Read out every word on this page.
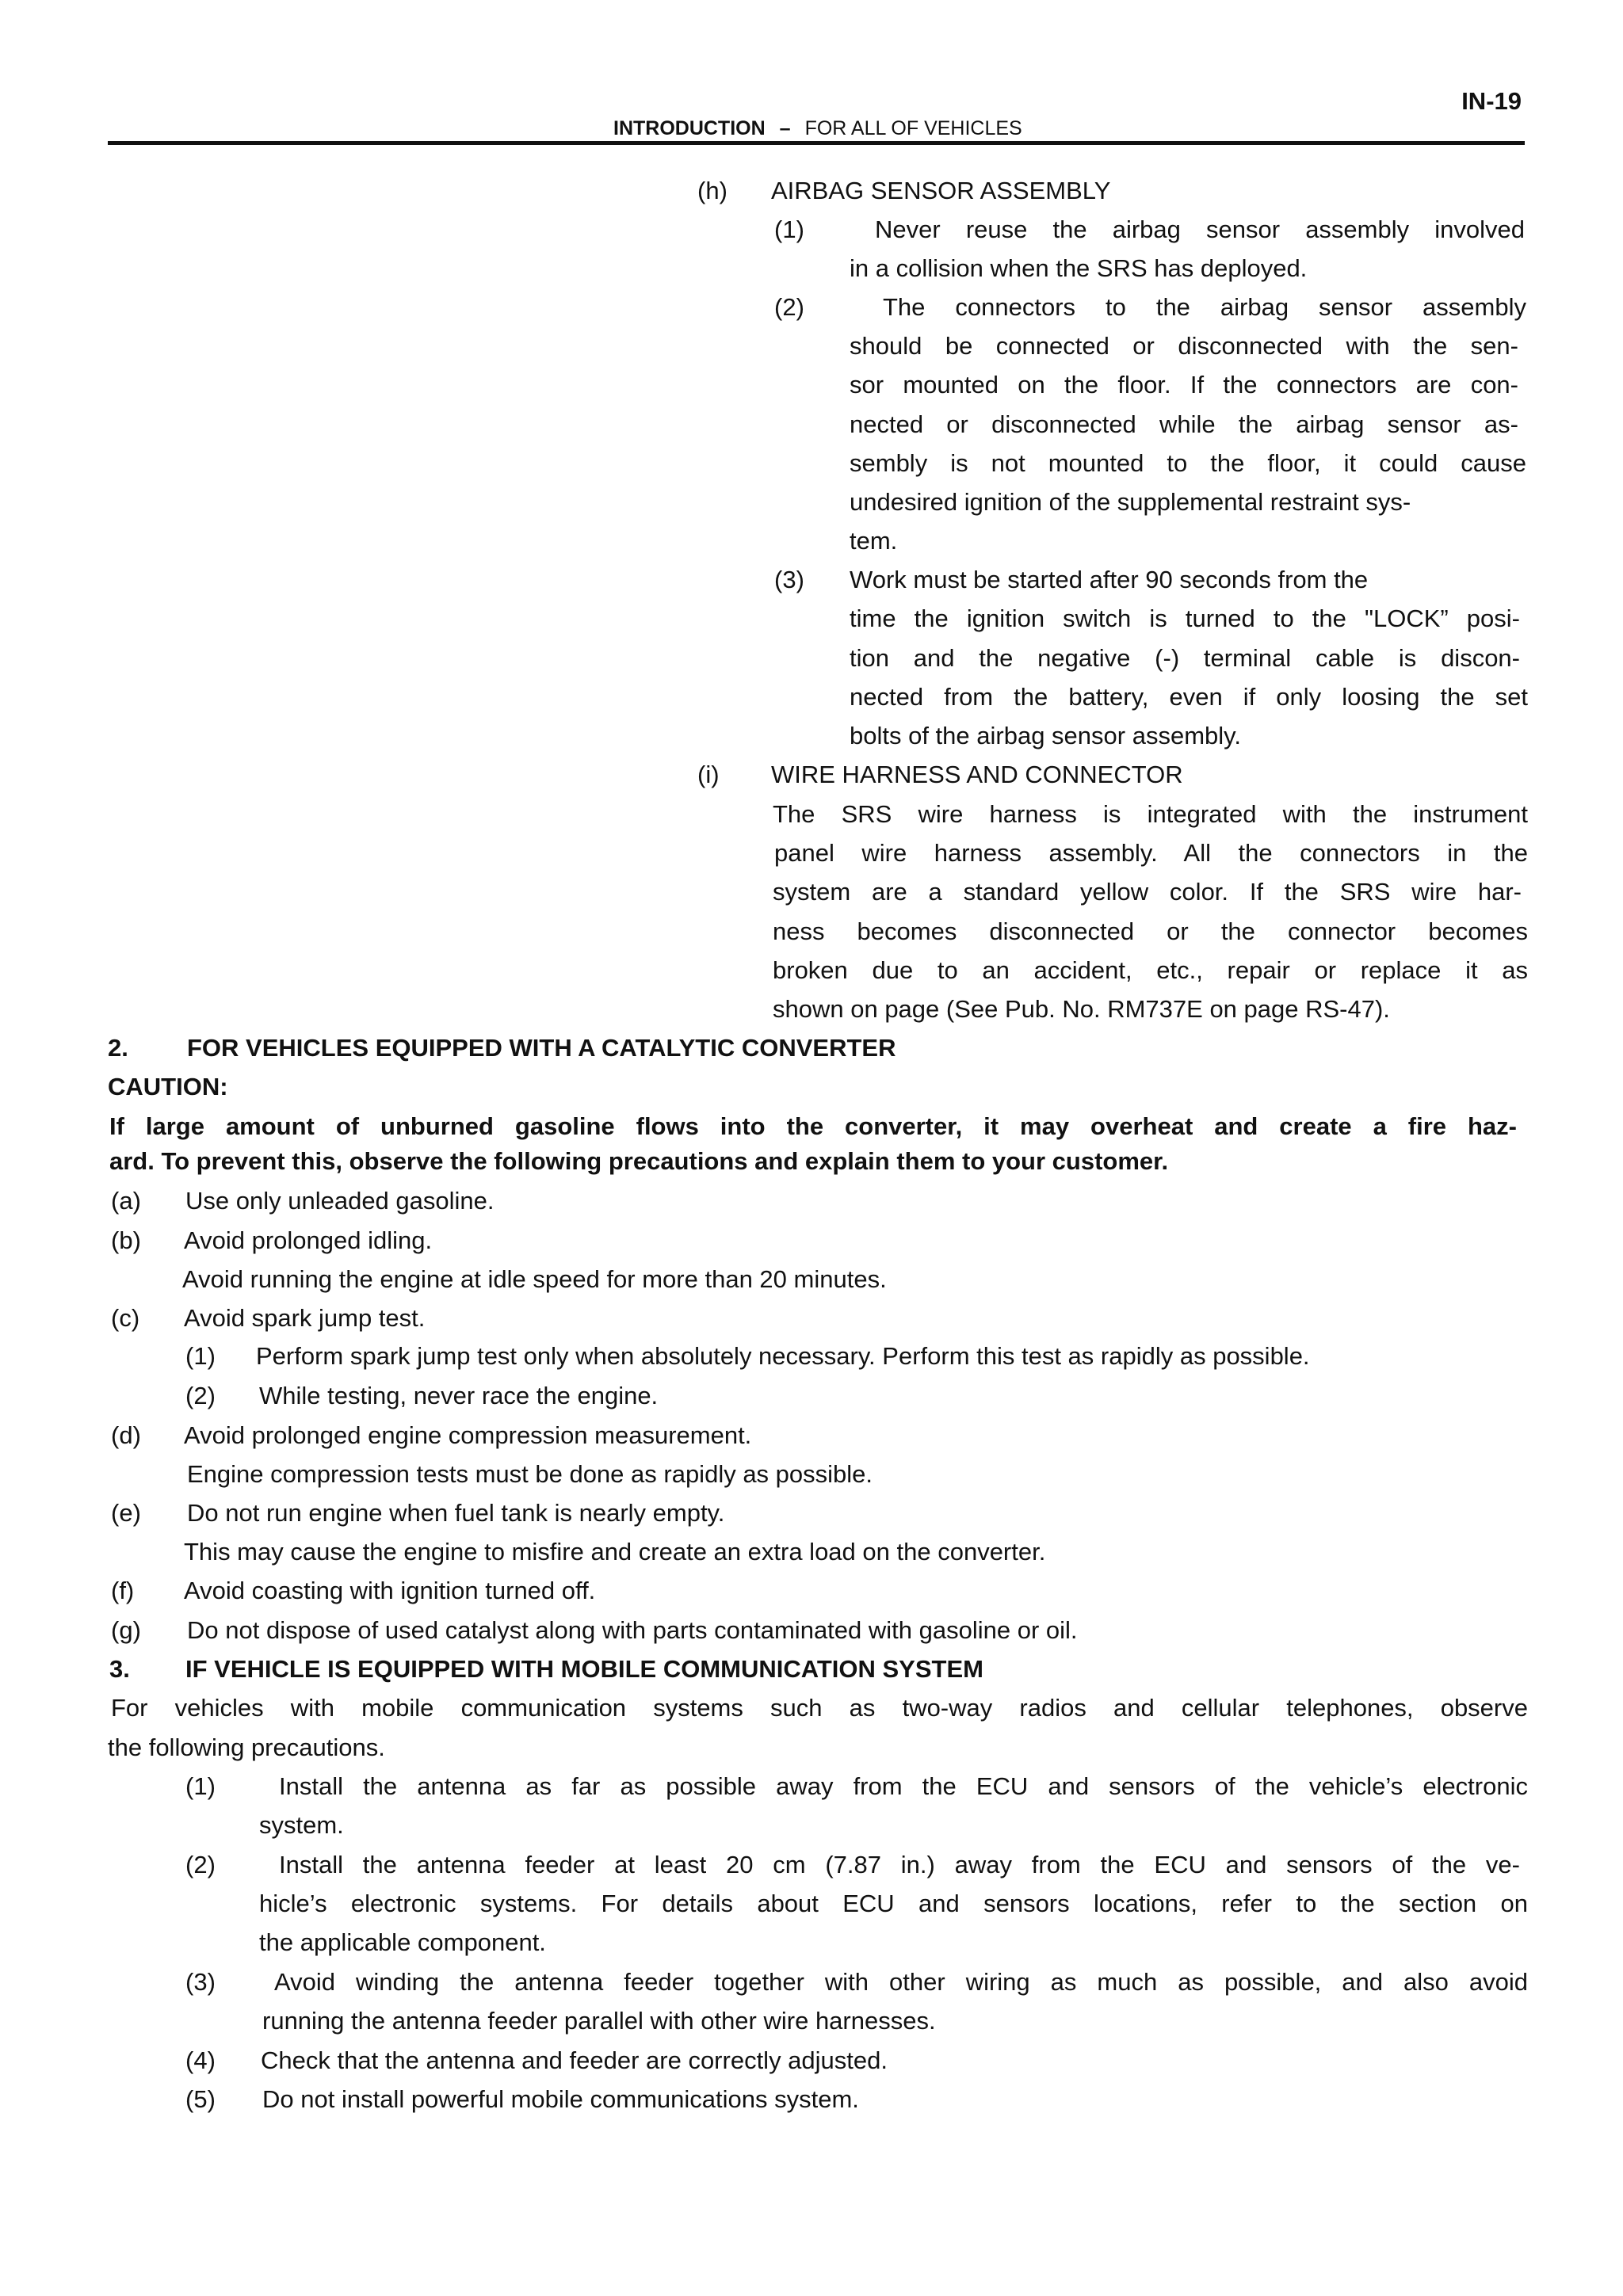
IN-19
INTRODUCTION – FOR ALL OF VEHICLES
(h) AIRBAG SENSOR ASSEMBLY
(1)	Never reuse the airbag sensor assembly involved
in a collision when the SRS has deployed.
(2)	The connectors to the airbag sensor assembly
should be connected or disconnected with the sen-
sor mounted on the floor. If the connectors are con-
nected or disconnected while the airbag sensor as-
sembly is not mounted to the floor, it could cause
undesired ignition of the supplemental restraint sys-
tem.
(3) Work must be started after 90 seconds from the
time the ignition switch is turned to the "LOCK” posi-
tion and the negative (-) terminal cable is discon-
nected from the battery, even if only loosing the set
bolts of the airbag sensor assembly.
(i) WIRE HARNESS AND CONNECTOR
The SRS wire harness is integrated with the instrument
panel wire harness assembly. All the connectors in the
system are a standard yellow color. If the SRS wire har-
ness becomes disconnected or the connector becomes
broken due to an accident, etc., repair or replace it as
shown on page (See Pub. No. RM737E on page RS-47).
2. FOR VEHICLES EQUIPPED WITH A CATALYTIC CONVERTER
CAUTION:
If large amount of unburned gasoline flows into the converter, it may overheat and create a fire haz-
ard. To prevent this, observe the following precautions and explain them to your customer.
(a) Use only unleaded gasoline.
(b) Avoid prolonged idling.
Avoid running the engine at idle speed for more than 20 minutes.
(c) Avoid spark jump test.
(1) Perform spark jump test only when absolutely necessary. Perform this test as rapidly as possible.
(2) While testing, never race the engine.
(d) Avoid prolonged engine compression measurement.
Engine compression tests must be done as rapidly as possible.
(e) Do not run engine when fuel tank is nearly empty.
This may cause the engine to misfire and create an extra load on the converter.
(f) Avoid coasting with ignition turned off.
(g) Do not dispose of used catalyst along with parts contaminated with gasoline or oil.
3. IF VEHICLE IS EQUIPPED WITH MOBILE COMMUNICATION SYSTEM
For vehicles with mobile communication systems such as two-way radios and cellular telephones, observe
the following precautions.
(1)	Install the antenna as far as possible away from the ECU and sensors of the vehicle’s electronic
system.
(2)	Install the antenna feeder at least 20 cm (7.87 in.) away from the ECU and sensors of the ve-
hicle’s electronic systems. For details about ECU and sensors locations, refer to the section on
the applicable component.
(3) Avoid winding the antenna feeder together with other wiring as much as possible, and also avoid
running the antenna feeder parallel with other wire harnesses.
(4) Check that the antenna and feeder are correctly adjusted.
(5) Do not install powerful mobile communications system.
